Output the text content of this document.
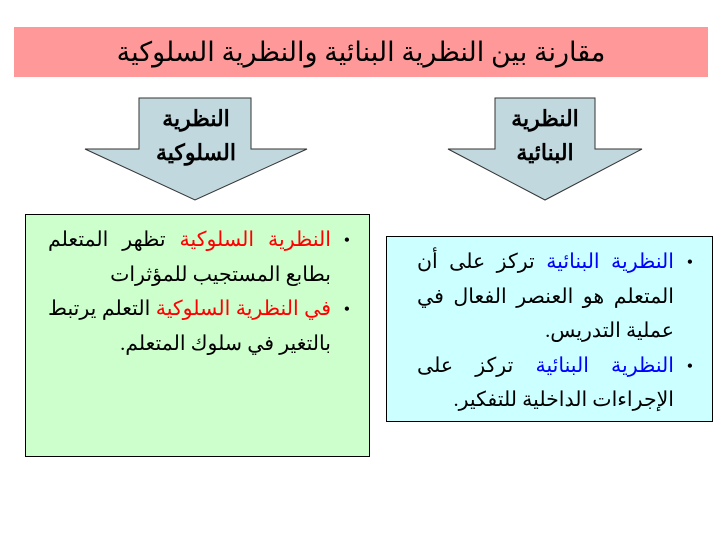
مقارنة بين النظرية البنائية والنظرية السلوكية
النظرية
السلوكية
النظرية
البنائية
• النظرية السلوكية تظهر المتعلم بطابع المستجيب للمؤثرات
• في النظرية السلوكية التعلم يرتبط بالتغير في سلوك المتعلم.
• النظرية البنائية تركز على أن المتعلم هو العنصر الفعال في عملية التدريس.
• النظرية البنائية تركز على الإجراءات الداخلية للتفكير.
